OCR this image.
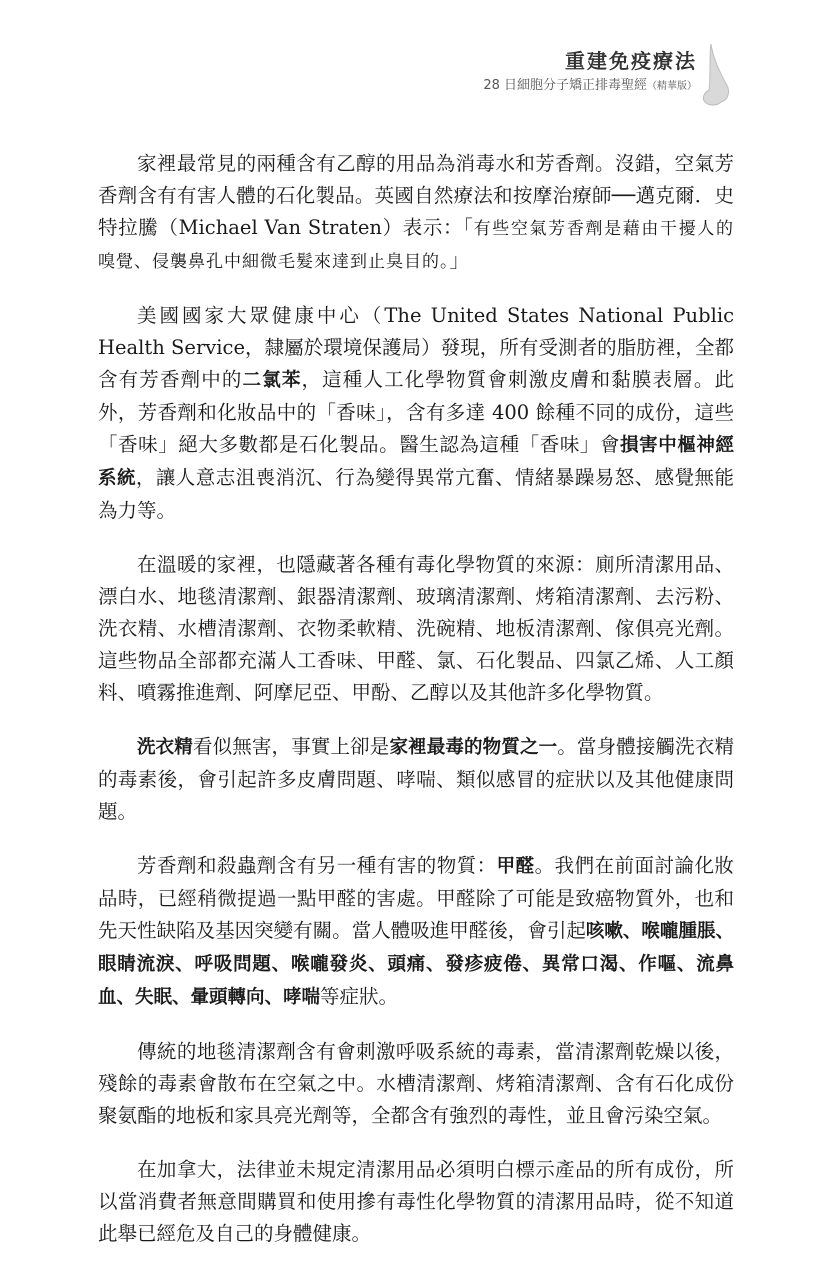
重建免疫療法
28 日細胞分子矯正排毒聖經（精華版）

家裡最常見的兩種含有乙醇的用品為消毒水和芳香劑。沒錯，空氣芳香劑含有有害人體的石化製品。英國自然療法和按摩治療師──邁克爾．史特拉騰（Michael Van Straten）表示：「有些空氣芳香劑是藉由干擾人的嗅覺、侵襲鼻孔中細微毛髮來達到止臭目的。」

美國國家大眾健康中心（The United States National Public Health Service，隸屬於環境保護局）發現，所有受測者的脂肪裡，全都含有芳香劑中的二氯苯，這種人工化學物質會刺激皮膚和黏膜表層。此外，芳香劑和化妝品中的「香味」，含有多達 400 餘種不同的成份，這些「香味」絕大多數都是石化製品。醫生認為這種「香味」會損害中樞神經系統，讓人意志沮喪消沉、行為變得異常亢奮、情緒暴躁易怒、感覺無能為力等。

在溫暖的家裡，也隱藏著各種有毒化學物質的來源：廁所清潔用品、漂白水、地毯清潔劑、銀器清潔劑、玻璃清潔劑、烤箱清潔劑、去污粉、洗衣精、水槽清潔劑、衣物柔軟精、洗碗精、地板清潔劑、傢俱亮光劑。這些物品全部都充滿人工香味、甲醛、氯、石化製品、四氯乙烯、人工顏料、噴霧推進劑、阿摩尼亞、甲酚、乙醇以及其他許多化學物質。

洗衣精看似無害，事實上卻是家裡最毒的物質之一。當身體接觸洗衣精的毒素後，會引起許多皮膚問題、哮喘、類似感冒的症狀以及其他健康問題。

芳香劑和殺蟲劑含有另一種有害的物質：甲醛。我們在前面討論化妝品時，已經稍微提過一點甲醛的害處。甲醛除了可能是致癌物質外，也和先天性缺陷及基因突變有關。當人體吸進甲醛後，會引起咳嗽、喉嚨腫脹、眼睛流淚、呼吸問題、喉嚨發炎、頭痛、發疹疲倦、異常口渴、作嘔、流鼻血、失眠、暈頭轉向、哮喘等症狀。

傳統的地毯清潔劑含有會刺激呼吸系統的毒素，當清潔劑乾燥以後，殘餘的毒素會散布在空氣之中。水槽清潔劑、烤箱清潔劑、含有石化成份聚氨酯的地板和家具亮光劑等，全都含有強烈的毒性，並且會污染空氣。

在加拿大，法律並未規定清潔用品必須明白標示產品的所有成份，所以當消費者無意間購買和使用摻有毒性化學物質的清潔用品時，從不知道此舉已經危及自己的身體健康。
